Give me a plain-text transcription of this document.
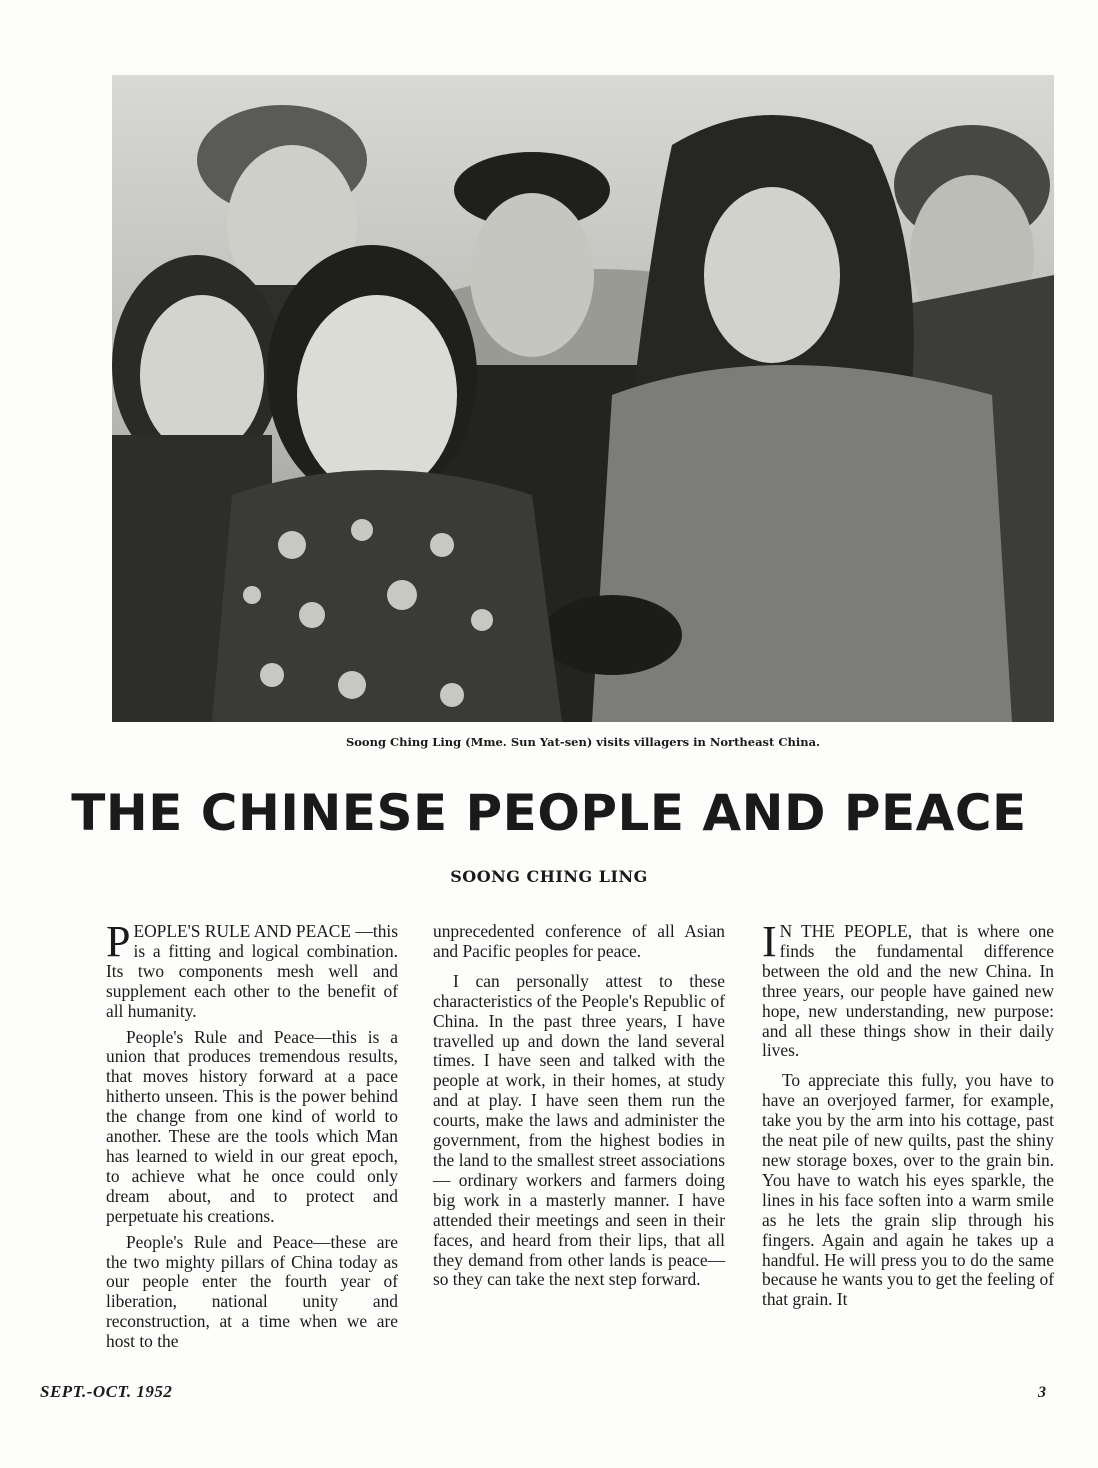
Soong Ching Ling (Mme. Sun Yat-sen) visits villagers in Northeast China.
THE CHINESE PEOPLE AND PEACE
SOONG CHING LING

PEOPLE'S RULE AND PEACE —this is a fitting and logical combination. Its two components mesh well and supplement each other to the benefit of all humanity.

People's Rule and Peace—this is a union that produces tremendous results, that moves history forward at a pace hitherto unseen. This is the power behind the change from one kind of world to another. These are the tools which Man has learned to wield in our great epoch, to achieve what he once could only dream about, and to protect and perpetuate his creations.

People's Rule and Peace—these are the two mighty pillars of China today as our people enter the fourth year of liberation, national unity and reconstruction, at a time when we are host to the

unprecedented conference of all Asian and Pacific peoples for peace.

I can personally attest to these characteristics of the People's Republic of China. In the past three years, I have travelled up and down the land several times. I have seen and talked with the people at work, in their homes, at study and at play. I have seen them run the courts, make the laws and administer the government, from the highest bodies in the land to the smallest street associations — ordinary workers and farmers doing big work in a masterly manner. I have attended their meetings and seen in their faces, and heard from their lips, that all they demand from other lands is peace—so they can take the next step forward.

I N THE PEOPLE, that is where one finds the fundamental difference between the old and the new China. In three years, our people have gained new hope, new understanding, new purpose: and all these things show in their daily lives.

To appreciate this fully, you have to have an overjoyed farmer, for example, take you by the arm into his cottage, past the neat pile of new quilts, past the shiny new storage boxes, over to the grain bin. You have to watch his eyes sparkle, the lines in his face soften into a warm smile as he lets the grain slip through his fingers. Again and again he takes up a handful. He will press you to do the same because he wants you to get the feeling of that grain. It

SEPT.-OCT. 1952	3
